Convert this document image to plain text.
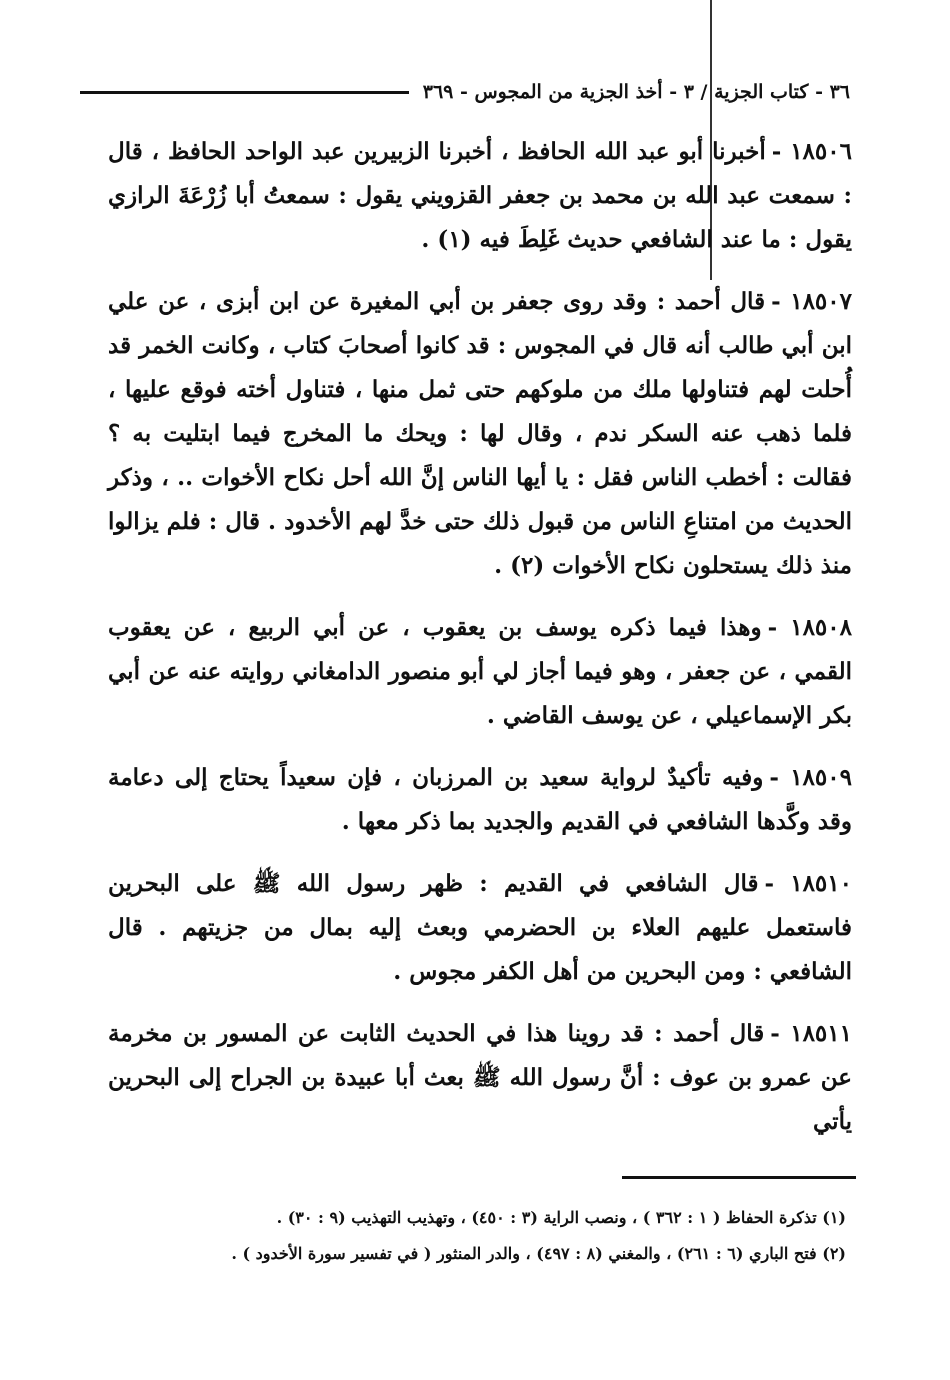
٣٦ - كتاب الجزية / ٣ - أخذ الجزية من المجوس - ٣٦٩

١٨٥٠٦ -أخبرنا أبو عبد الله الحافظ ، أخبرنا الزبيرين عبد الواحد الحافظ ، قال : سمعت عبد الله بن محمد بن جعفر القزويني يقول : سمعتُ أبا زُرْعَةَ الرازي يقول : ما عند الشافعي حديث غَلِطَ فيه (١) .

١٨٥٠٧ -قال أحمد : وقد روى جعفر بن أبي المغيرة عن ابن أبزى ، عن علي ابن أبي طالب أنه قال في المجوس : قد كانوا أصحابَ كتاب ، وكانت الخمر قد أُحلت لهم فتناولها ملك من ملوكهم حتى ثمل منها ، فتناول أخته فوقع عليها ، فلما ذهب عنه السكر ندم ، وقال لها : ويحك ما المخرج فيما ابتليت به ؟ فقالت : أخطب الناس فقل : يا أيها الناس إنَّ الله أحل نكاح الأخوات .. ، وذكر الحديث من امتناعِ الناس من قبول ذلك حتى خدَّ لهم الأخدود . قال : فلم يزالوا منذ ذلك يستحلون نكاح الأخوات (٢) .

١٨٥٠٨ -وهذا فيما ذكره يوسف بن يعقوب ، عن أبي الربيع ، عن يعقوب القمي ، عن جعفر ، وهو فيما أجاز لي أبو منصور الدامغاني روايته عنه عن أبي بكر الإسماعيلي ، عن يوسف القاضي .

١٨٥٠٩ -وفيه تأكيدٌ لرواية سعيد بن المرزبان ، فإن سعيداً يحتاج إلى دعامة وقد وكَّدها الشافعي في القديم والجديد بما ذكر معها .

١٨٥١٠ -قال الشافعي في القديم : ظهر رسول الله ﷺ على البحرين فاستعمل عليهم العلاء بن الحضرمي وبعث إليه بمال من جزيتهم . قال الشافعي : ومن البحرين من أهل الكفر مجوس .

١٨٥١١ -قال أحمد : قد روينا هذا في الحديث الثابت عن المسور بن مخرمة عن عمرو بن عوف : أنَّ رسول الله ﷺ بعث أبا عبيدة بن الجراح إلى البحرين يأتي

(١) تذكرة الحفاظ ( ١ : ٣٦٢ ) ، ونصب الراية (٣ : ٤٥٠) ، وتهذيب التهذيب (٩ : ٣٠) .

(٢) فتح الباري (٦ : ٢٦١) ، والمغني (٨ : ٤٩٧) ، والدر المنثور ( في تفسير سورة الأخدود ) .
